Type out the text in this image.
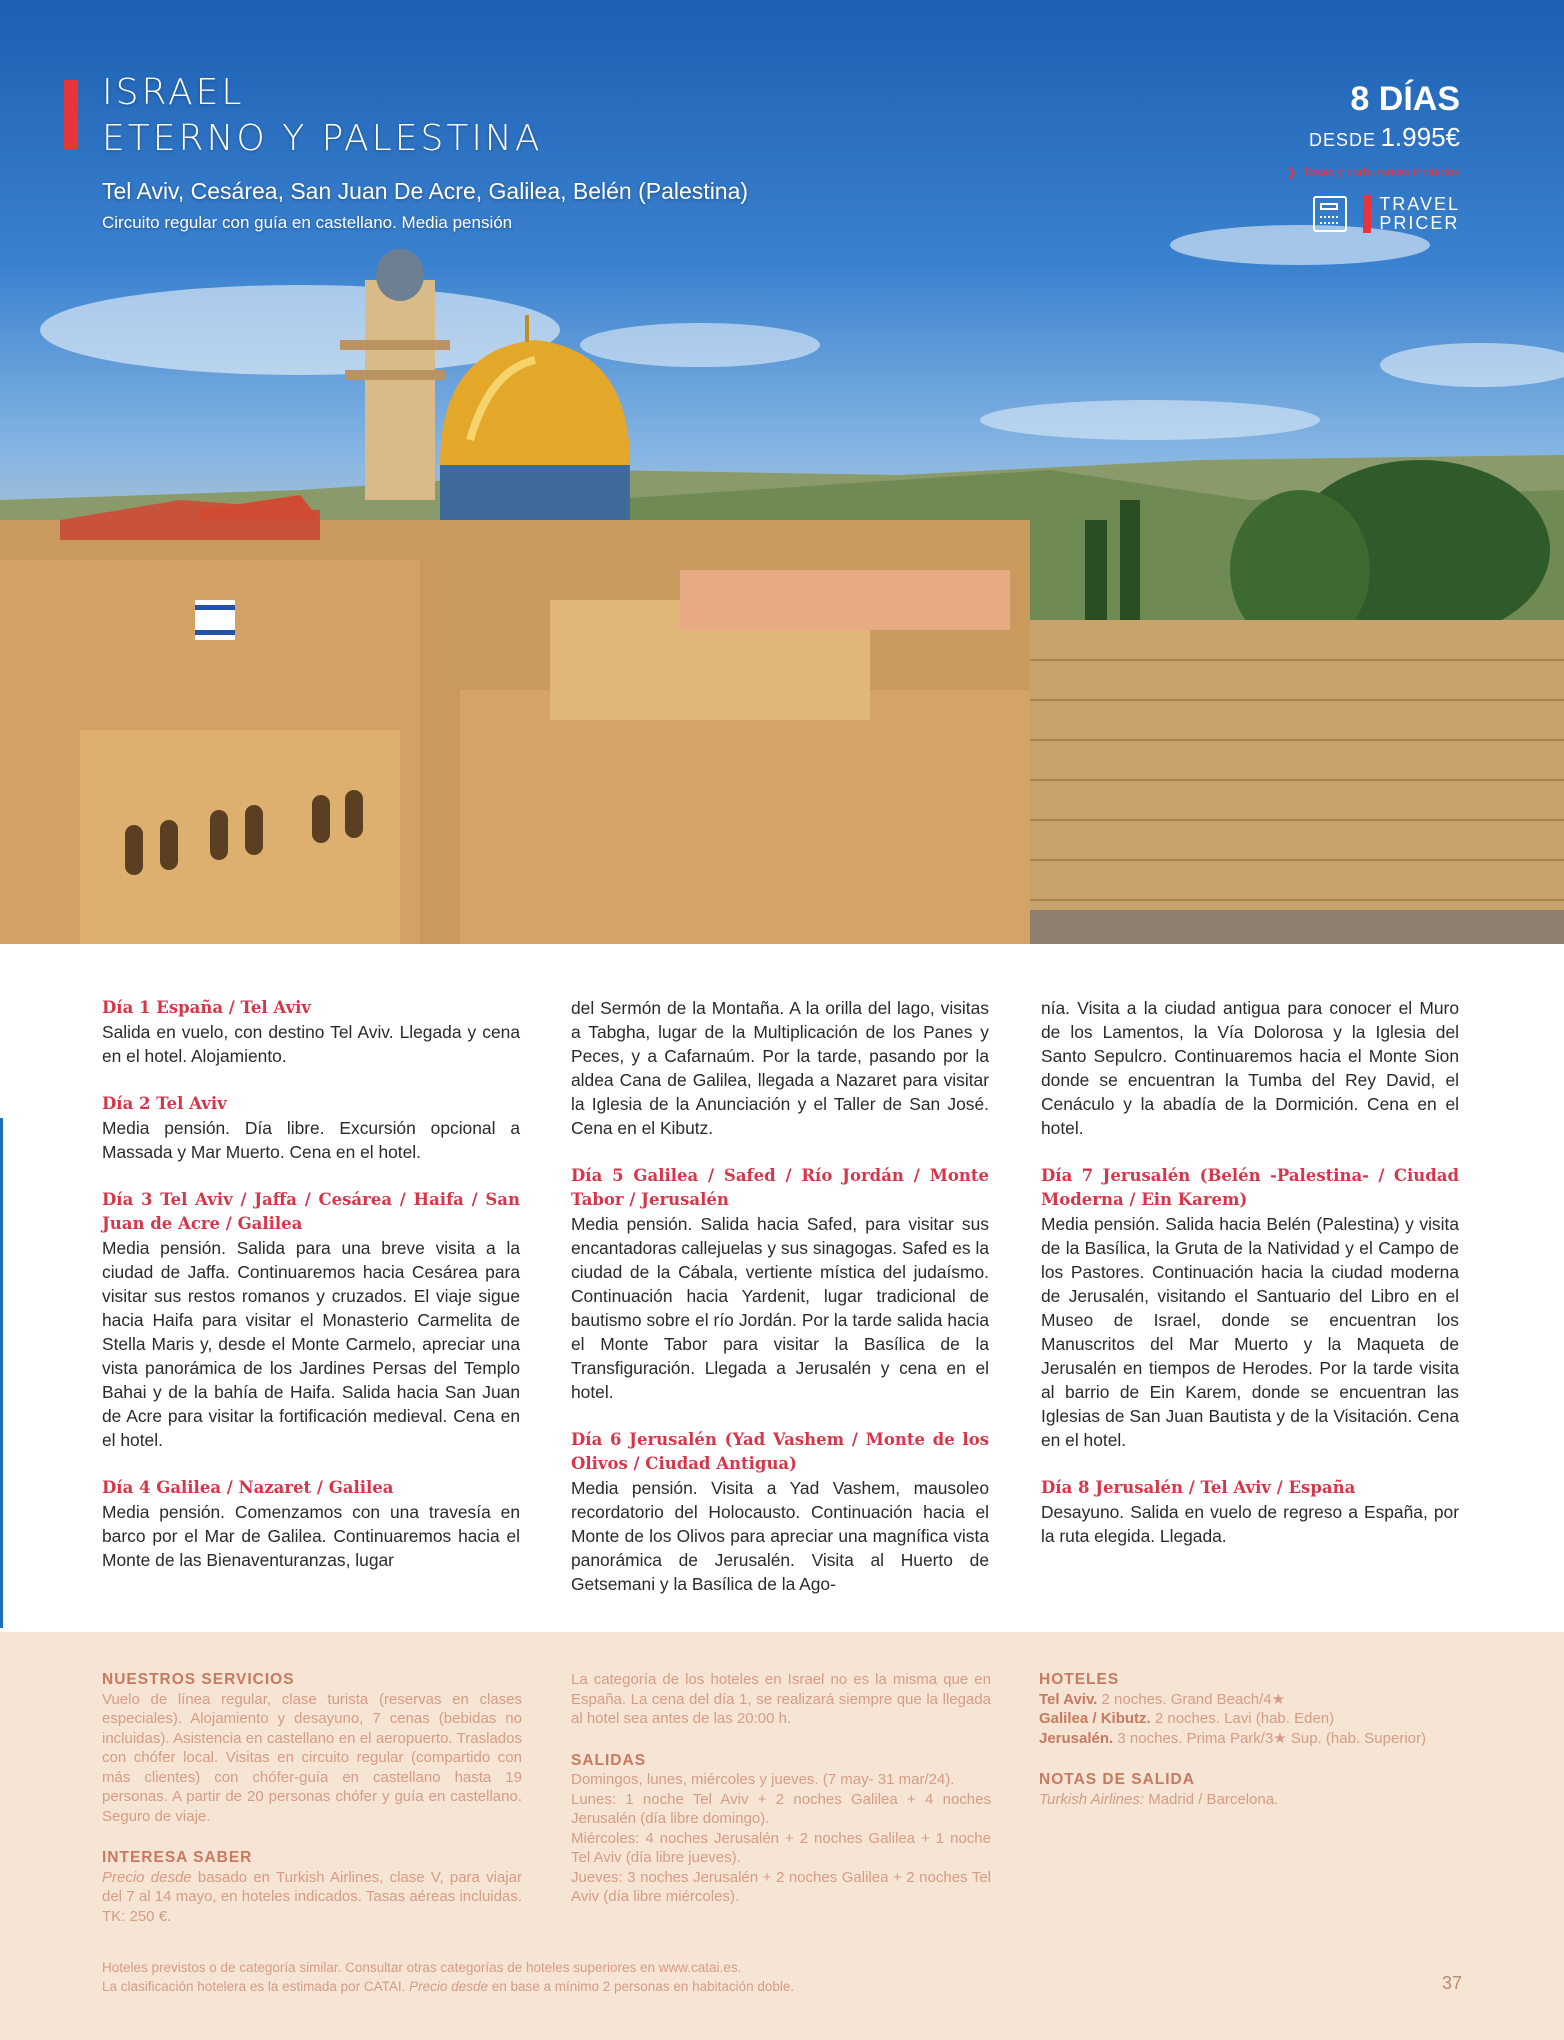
ISRAEL
ETERNO Y PALESTINA
Tel Aviv, Cesárea, San Juan De Acre, Galilea, Belén (Palestina)
Circuito regular con guía en castellano. Media pensión
8 DÍAS
DESDE 1.995€
❯ Tasas y carburantes incluidos
TRAVEL
PRICER
Día 1 España / Tel Aviv

Salida en vuelo, con destino Tel Aviv. Llegada y cena en el hotel. Alojamiento.

Día 2 Tel Aviv

Media pensión. Día libre. Excursión opcional a Massada y Mar Muerto. Cena en el hotel.

Día 3 Tel Aviv / Jaffa / Cesárea / Haifa / San Juan de Acre / Galilea

Media pensión. Salida para una breve visita a la ciudad de Jaffa. Continuaremos hacia Cesárea para visitar sus restos romanos y cruzados. El viaje sigue hacia Haifa para visitar el Monasterio Carmelita de Stella Maris y, desde el Monte Carmelo, apreciar una vista panorámica de los Jardines Persas del Templo Bahai y de la bahía de Haifa. Salida hacia San Juan de Acre para visitar la fortificación medieval. Cena en el hotel.

Día 4 Galilea / Nazaret / Galilea

Media pensión. Comenzamos con una travesía en barco por el Mar de Galilea. Continuaremos hacia el Monte de las Bienaventuranzas, lugar

del Sermón de la Montaña. A la orilla del lago, visitas a Tabgha, lugar de la Multiplicación de los Panes y Peces, y a Cafarnaúm. Por la tarde, pasando por la aldea Cana de Galilea, llegada a Nazaret para visitar la Iglesia de la Anunciación y el Taller de San José. Cena en el Kibutz.

Día 5 Galilea / Safed / Río Jordán / Monte Tabor / Jerusalén

Media pensión. Salida hacia Safed, para visitar sus encantadoras callejuelas y sus sinagogas. Safed es la ciudad de la Cábala, vertiente mística del judaísmo. Continuación hacia Yardenit, lugar tradicional de bautismo sobre el río Jordán. Por la tarde salida hacia el Monte Tabor para visitar la Basílica de la Transfiguración. Llegada a Jerusalén y cena en el hotel.

Día 6 Jerusalén (Yad Vashem / Monte de los Olivos / Ciudad Antigua)

Media pensión. Visita a Yad Vashem, mausoleo recordatorio del Holocausto. Continuación hacia el Monte de los Olivos para apreciar una magnífica vista panorámica de Jerusalén. Visita al Huerto de Getsemani y la Basílica de la Ago-

nía. Visita a la ciudad antigua para conocer el Muro de los Lamentos, la Vía Dolorosa y la Iglesia del Santo Sepulcro. Continuaremos hacia el Monte Sion donde se encuentran la Tumba del Rey David, el Cenáculo y la abadía de la Dormición. Cena en el hotel.

Día 7 Jerusalén (Belén -Palestina- / Ciudad Moderna / Ein Karem)

Media pensión. Salida hacia Belén (Palestina) y visita de la Basílica, la Gruta de la Natividad y el Campo de los Pastores. Continuación hacia la ciudad moderna de Jerusalén, visitando el Santuario del Libro en el Museo de Israel, donde se encuentran los Manuscritos del Mar Muerto y la Maqueta de Jerusalén en tiempos de Herodes. Por la tarde visita al barrio de Ein Karem, donde se encuentran las Iglesias de San Juan Bautista y de la Visitación. Cena en el hotel.

Día 8 Jerusalén / Tel Aviv / España

Desayuno. Salida en vuelo de regreso a España, por la ruta elegida. Llegada.

NUESTROS SERVICIOS
Vuelo de línea regular, clase turista (reservas en clases especiales). Alojamiento y desayuno, 7 cenas (bebidas no incluidas). Asistencia en castellano en el aeropuerto. Traslados con chófer local. Visitas en circuito regular (compartido con más clientes) con chófer-guía en castellano hasta 19 personas. A partir de 20 personas chófer y guía en castellano. Seguro de viaje.
INTERESA SABER
Precio desde basado en Turkish Airlines, clase V, para viajar del 7 al 14 mayo, en hoteles indicados. Tasas aéreas incluidas. TK: 250 €.
La categoría de los hoteles en Israel no es la misma que en España. La cena del día 1, se realizará siempre que la llegada al hotel sea antes de las 20:00 h.
SALIDAS
Domingos, lunes, miércoles y jueves. (7 may- 31 mar/24).
Lunes: 1 noche Tel Aviv + 2 noches Galilea + 4 noches Jerusalén (día libre domingo).
Miércoles: 4 noches Jerusalén + 2 noches Galilea + 1 noche Tel Aviv (día libre jueves).
Jueves: 3 noches Jerusalén + 2 noches Galilea + 2 noches Tel Aviv (día libre miércoles).
HOTELES
Tel Aviv. 2 noches. Grand Beach/4★
Galilea / Kibutz. 2 noches. Lavi (hab. Eden)
Jerusalén. 3 noches. Prima Park/3★ Sup. (hab. Superior)
NOTAS DE SALIDA
Turkish Airlines: Madrid / Barcelona.
Hoteles previstos o de categoría similar. Consultar otras categorías de hoteles superiores en www.catai.es.
La clasificación hotelera es la estimada por CATAI. Precio desde en base a mínimo 2 personas en habitación doble.	37
